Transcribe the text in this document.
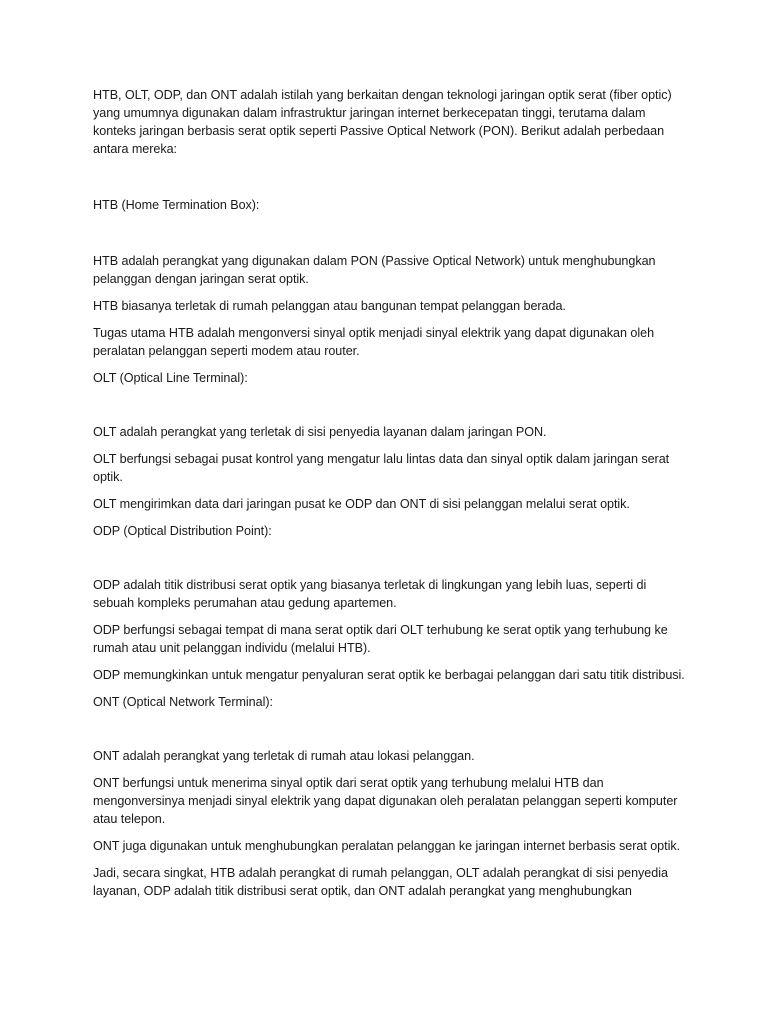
HTB, OLT, ODP, dan ONT adalah istilah yang berkaitan dengan teknologi jaringan optik serat (fiber optic) yang umumnya digunakan dalam infrastruktur jaringan internet berkecepatan tinggi, terutama dalam konteks jaringan berbasis serat optik seperti Passive Optical Network (PON). Berikut adalah perbedaan antara mereka:

HTB (Home Termination Box):

HTB adalah perangkat yang digunakan dalam PON (Passive Optical Network) untuk menghubungkan pelanggan dengan jaringan serat optik.

HTB biasanya terletak di rumah pelanggan atau bangunan tempat pelanggan berada.

Tugas utama HTB adalah mengonversi sinyal optik menjadi sinyal elektrik yang dapat digunakan oleh peralatan pelanggan seperti modem atau router.

OLT (Optical Line Terminal):

OLT adalah perangkat yang terletak di sisi penyedia layanan dalam jaringan PON.

OLT berfungsi sebagai pusat kontrol yang mengatur lalu lintas data dan sinyal optik dalam jaringan serat optik.

OLT mengirimkan data dari jaringan pusat ke ODP dan ONT di sisi pelanggan melalui serat optik.

ODP (Optical Distribution Point):

ODP adalah titik distribusi serat optik yang biasanya terletak di lingkungan yang lebih luas, seperti di sebuah kompleks perumahan atau gedung apartemen.

ODP berfungsi sebagai tempat di mana serat optik dari OLT terhubung ke serat optik yang terhubung ke rumah atau unit pelanggan individu (melalui HTB).

ODP memungkinkan untuk mengatur penyaluran serat optik ke berbagai pelanggan dari satu titik distribusi.

ONT (Optical Network Terminal):

ONT adalah perangkat yang terletak di rumah atau lokasi pelanggan.

ONT berfungsi untuk menerima sinyal optik dari serat optik yang terhubung melalui HTB dan mengonversinya menjadi sinyal elektrik yang dapat digunakan oleh peralatan pelanggan seperti komputer atau telepon.

ONT juga digunakan untuk menghubungkan peralatan pelanggan ke jaringan internet berbasis serat optik.

Jadi, secara singkat, HTB adalah perangkat di rumah pelanggan, OLT adalah perangkat di sisi penyedia layanan, ODP adalah titik distribusi serat optik, dan ONT adalah perangkat yang menghubungkan
